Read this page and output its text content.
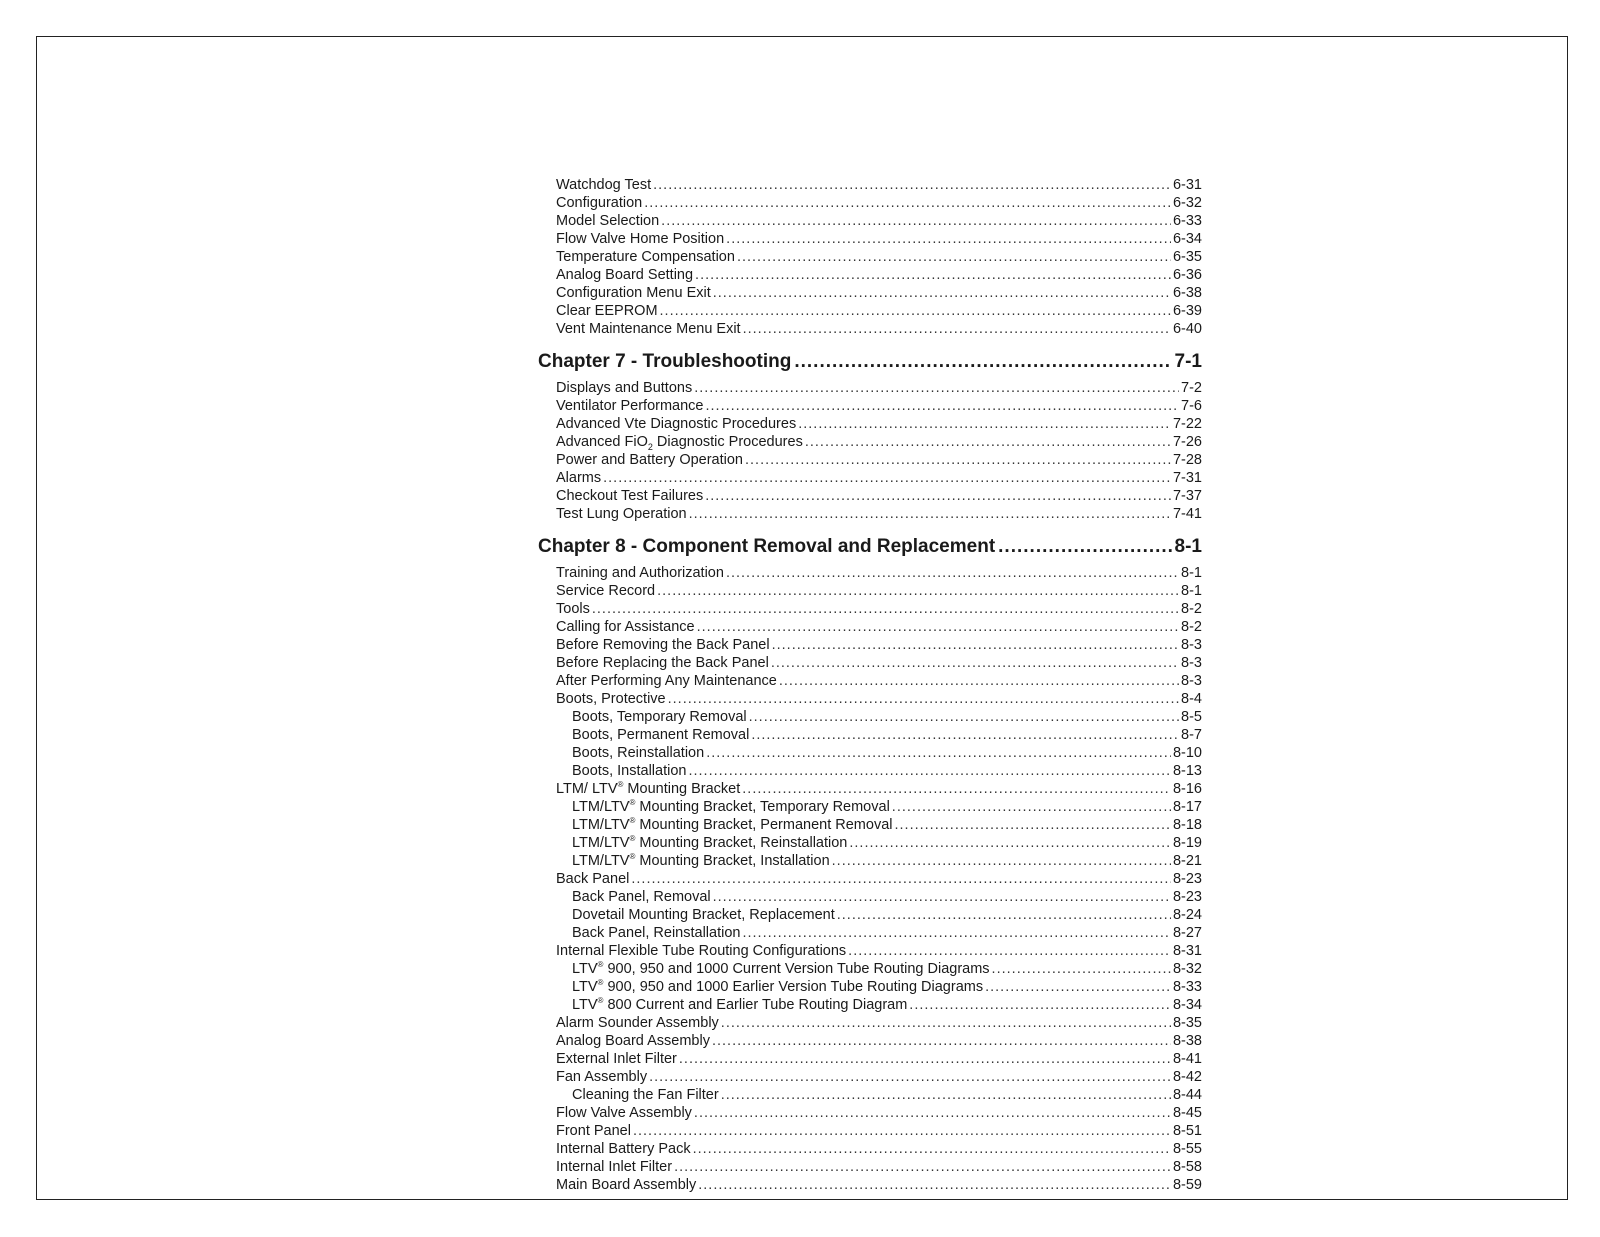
Watchdog Test .....	6-31
Configuration .....	6-32
Model Selection .....	6-33
Flow Valve Home Position .....	6-34
Temperature Compensation .....	6-35
Analog Board Setting .....	6-36
Configuration Menu Exit .....	6-38
Clear EEPROM .....	6-39
Vent Maintenance Menu Exit .....	6-40
Chapter 7 - Troubleshooting .....	7-1
Displays and Buttons .....	7-2
Ventilator Performance .....	7-6
Advanced Vte Diagnostic Procedures .....	7-22
Advanced FiO$_2$ Diagnostic Procedures .....	7-26
Power and Battery Operation .....	7-28
Alarms .....	7-31
Checkout Test Failures .....	7-37
Test Lung Operation .....	7-41
Chapter 8 - Component Removal and Replacement .....	8-1
Training and Authorization .....	8-1
Service Record .....	8-1
Tools .....	8-2
Calling for Assistance .....	8-2
Before Removing the Back Panel .....	8-3
Before Replacing the Back Panel .....	8-3
After Performing Any Maintenance .....	8-3
Boots, Protective .....	8-4
Boots, Temporary Removal .....	8-5
Boots, Permanent Removal .....	8-7
Boots, Reinstallation .....	8-10
Boots, Installation .....	8-13
LTM/ LTV® Mounting Bracket .....	8-16
LTM/LTV® Mounting Bracket, Temporary Removal .....	8-17
LTM/LTV® Mounting Bracket, Permanent Removal .....	8-18
LTM/LTV® Mounting Bracket, Reinstallation .....	8-19
LTM/LTV® Mounting Bracket, Installation .....	8-21
Back Panel .....	8-23
Back Panel, Removal .....	8-23
Dovetail Mounting Bracket, Replacement .....	8-24
Back Panel, Reinstallation .....	8-27
Internal Flexible Tube Routing Configurations .....	8-31
LTV® 900, 950 and 1000 Current Version Tube Routing Diagrams .....	8-32
LTV® 900, 950 and 1000 Earlier Version Tube Routing Diagrams .....	8-33
LTV® 800 Current and Earlier Tube Routing Diagram .....	8-34
Alarm Sounder Assembly .....	8-35
Analog Board Assembly .....	8-38
External Inlet Filter .....	8-41
Fan Assembly .....	8-42
Cleaning the Fan Filter .....	8-44
Flow Valve Assembly .....	8-45
Front Panel .....	8-51
Internal Battery Pack .....	8-55
Internal Inlet Filter .....	8-58
Main Board Assembly .....	8-59
